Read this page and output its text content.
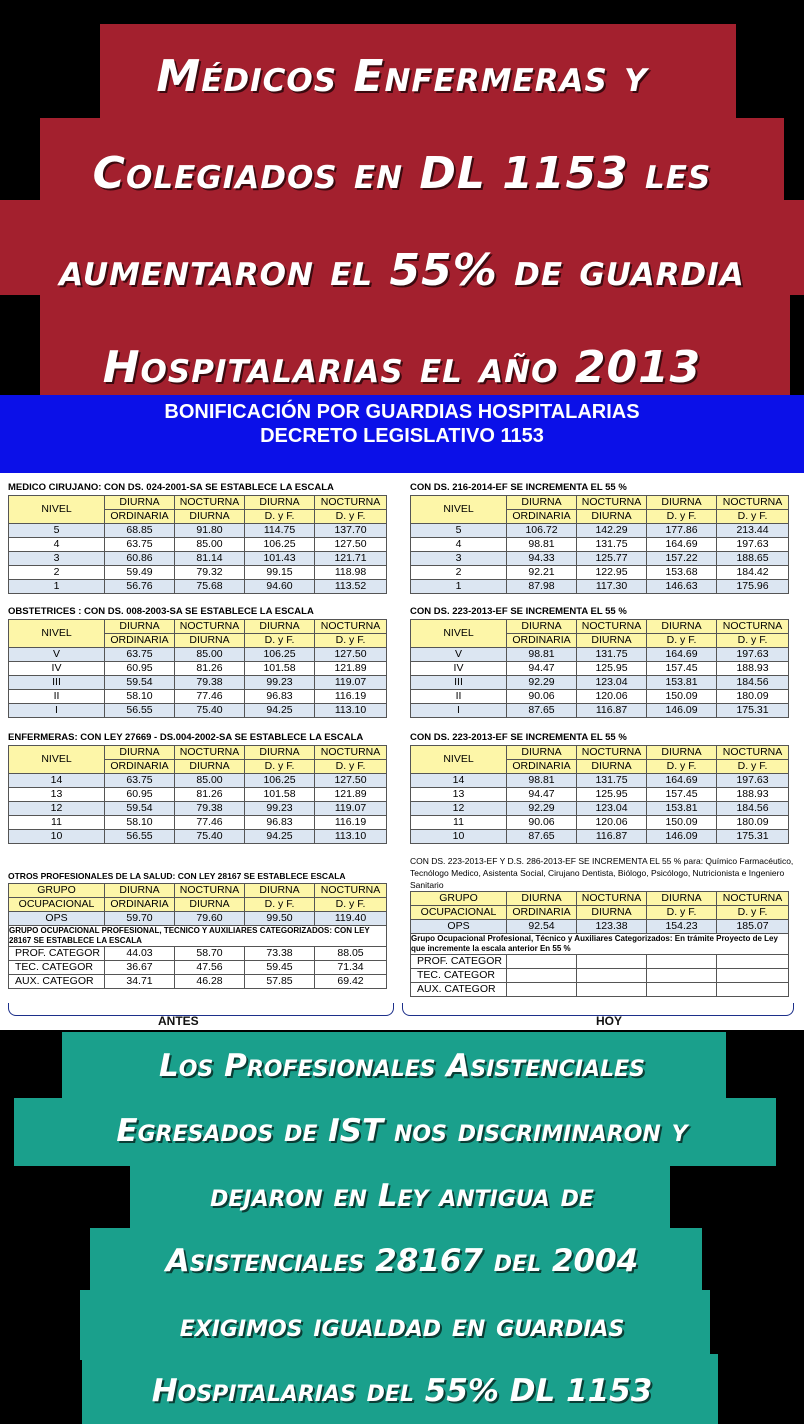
Médicos Enfermeras y
Colegiados en DL 1153 les
aumentaron el 55% de guardia
Hospitalarias el año 2013
BONIFICACIÓN POR GUARDIAS HOSPITALARIAS
DECRETO LEGISLATIVO 1153
MEDICO CIRUJANO: CON DS. 024-2001-SA SE ESTABLECE LA ESCALA
NIVEL	DIURNA	NOCTURNA	DIURNA	NOCTURNA
	ORDINARIA	DIURNA	D. y F.	D. y F.
5	68.85	91.80	114.75	137.70
4	63.75	85.00	106.25	127.50
3	60.86	81.14	101.43	121.71
2	59.49	79.32	99.15	118.98
1	56.76	75.68	94.60	113.52
CON DS. 216-2014-EF SE INCREMENTA EL 55 %
NIVEL	DIURNA	NOCTURNA	DIURNA	NOCTURNA
	ORDINARIA	DIURNA	D. y F.	D. y F.
5	106.72	142.29	177.86	213.44
4	98.81	131.75	164.69	197.63
3	94.33	125.77	157.22	188.65
2	92.21	122.95	153.68	184.42
1	87.98	117.30	146.63	175.96
OBSTETRICES : CON DS. 008-2003-SA SE ESTABLECE LA ESCALA
NIVEL	DIURNA	NOCTURNA	DIURNA	NOCTURNA
	ORDINARIA	DIURNA	D. y F.	D. y F.
V	63.75	85.00	106.25	127.50
IV	60.95	81.26	101.58	121.89
III	59.54	79.38	99.23	119.07
II	58.10	77.46	96.83	116.19
I	56.55	75.40	94.25	113.10
CON DS. 223-2013-EF SE INCREMENTA EL 55 %
NIVEL	DIURNA	NOCTURNA	DIURNA	NOCTURNA
	ORDINARIA	DIURNA	D. y F.	D. y F.
V	98.81	131.75	164.69	197.63
IV	94.47	125.95	157.45	188.93
III	92.29	123.04	153.81	184.56
II	90.06	120.06	150.09	180.09
I	87.65	116.87	146.09	175.31
ENFERMERAS: CON LEY 27669 - DS.004-2002-SA SE ESTABLECE LA ESCALA
NIVEL	DIURNA	NOCTURNA	DIURNA	NOCTURNA
	ORDINARIA	DIURNA	D. y F.	D. y F.
14	63.75	85.00	106.25	127.50
13	60.95	81.26	101.58	121.89
12	59.54	79.38	99.23	119.07
11	58.10	77.46	96.83	116.19
10	56.55	75.40	94.25	113.10
CON DS. 223-2013-EF SE INCREMENTA EL 55 %
NIVEL	DIURNA	NOCTURNA	DIURNA	NOCTURNA
	ORDINARIA	DIURNA	D. y F.	D. y F.
14	98.81	131.75	164.69	197.63
13	94.47	125.95	157.45	188.93
12	92.29	123.04	153.81	184.56
11	90.06	120.06	150.09	180.09
10	87.65	116.87	146.09	175.31
OTROS PROFESIONALES DE LA SALUD: CON LEY 28167 SE ESTABLECE ESCALA
GRUPO	DIURNA	NOCTURNA	DIURNA	NOCTURNA
OCUPACIONAL	ORDINARIA	DIURNA	D. y F.	D. y F.
OPS	59.70	79.60	99.50	119.40
GRUPO OCUPACIONAL PROFESIONAL, TECNICO Y AUXILIARES CATEGORIZADOS: CON LEY 28167 SE ESTABLECE LA ESCALA				
PROF. CATEGOR	44.03	58.70	73.38	88.05
TEC. CATEGOR	36.67	47.56	59.45	71.34
AUX. CATEGOR	34.71	46.28	57.85	69.42
CON DS. 223-2013-EF Y D.S. 286-2013-EF SE INCREMENTA EL 55 % para: Químico Farmacéutico, Tecnólogo Medico, Asistenta Social, Cirujano Dentista, Biólogo, Psicólogo, Nutricionista e Ingeniero Sanitario
GRUPO	DIURNA	NOCTURNA	DIURNA	NOCTURNA
OCUPACIONAL	ORDINARIA	DIURNA	D. y F.	D. y F.
OPS	92.54	123.38	154.23	185.07
Grupo Ocupacional Profesional, Técnico y Auxiliares Categorizados: En trámite Proyecto de Ley que incremente la escala anterior En 55 %				
PROF. CATEGOR				
TEC. CATEGOR				
AUX. CATEGOR				
ANTES	HOY
Los Profesionales Asistenciales
Egresados de IST nos discriminaron y
dejaron en Ley antigua de
Asistenciales 28167 del 2004
exigimos igualdad en guardias
Hospitalarias del 55% DL 1153
